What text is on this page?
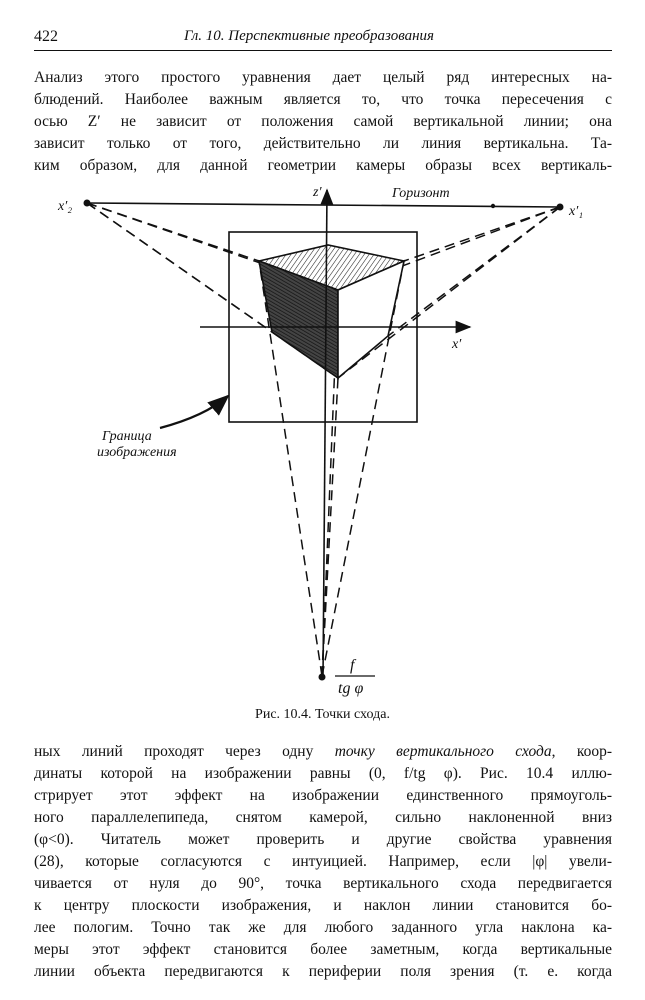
422	Гл. 10. Перспективные преобразования

Анализ этого простого уравнения дает целый ряд интересных на-
блюдений. Наиболее важным является то, что точка пересечения с
осью Z′ не зависит от положения самой вертикальной линии; она
зависит только от того, действительно ли линия вертикальна. Та-
ким образом, для данной геометрии камеры образы всех вертикаль-

z′
x′
x′₂	x′₁
Горизонт
Граница
изображения
f
tg φ
Рис. 10.4. Точки схода.

ных линий проходят через одну точку вертикального схода, коор-
динаты которой на изображении равны (0, f/tg φ). Рис. 10.4 иллю-
стрирует этот эффект на изображении единственного прямоуголь-
ного параллелепипеда, снятом камерой, сильно наклоненной вниз
(φ<0). Читатель может проверить и другие свойства уравнения
(28), которые согласуются с интуицией. Например, если |φ| увели-
чивается от нуля до 90°, точка вертикального схода передвигается
к центру плоскости изображения, и наклон линии становится бо-
лее пологим. Точно так же для любого заданного угла наклона ка-
меры этот эффект становится более заметным, когда вертикальные
линии объекта передвигаются к периферии поля зрения (т. е. когда
